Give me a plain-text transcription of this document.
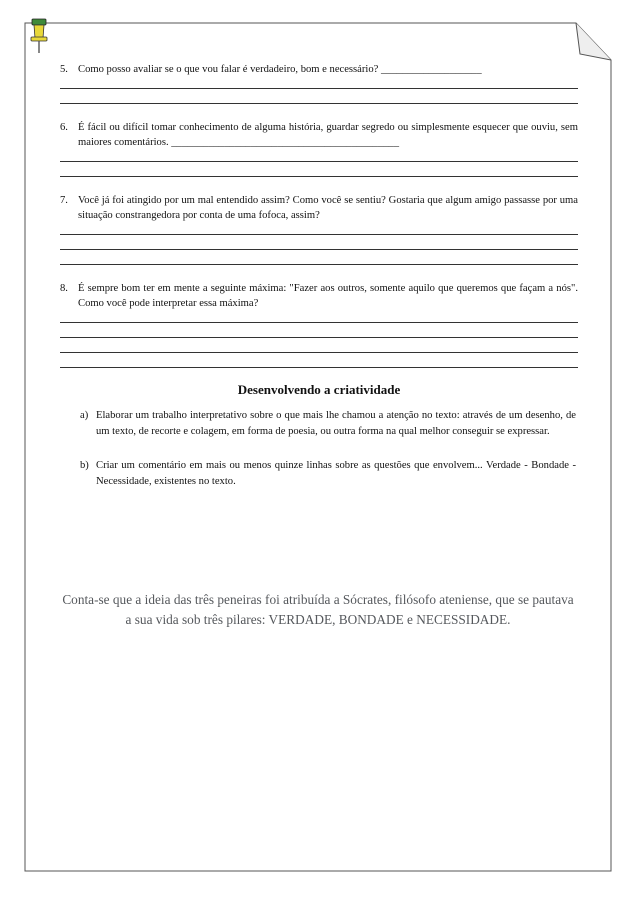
5. Como posso avaliar se o que vou falar é verdadeiro, bom e necessário? ___________________
6. É fácil ou difícil tomar conhecimento de alguma história, guardar segredo ou simplesmente esquecer que ouviu, sem maiores comentários. ___________________________________________
7. Você já foi atingido por um mal entendido assim? Como você se sentiu? Gostaria que algum amigo passasse por uma situação constrangedora por conta de uma fofoca, assim?
8. É sempre bom ter em mente a seguinte máxima: "Fazer aos outros, somente aquilo que queremos que façam a nós". Como você pode interpretar essa máxima?
Desenvolvendo a criatividade
a) Elaborar um trabalho interpretativo sobre o que mais lhe chamou a atenção no texto: através de um desenho, de um texto, de recorte e colagem, em forma de poesia, ou outra forma na qual melhor conseguir se expressar.
b) Criar um comentário em mais ou menos quinze linhas sobre as questões que envolvem... Verdade - Bondade - Necessidade, existentes no texto.
Conta-se que a ideia das três peneiras foi atribuída a Sócrates, filósofo ateniense, que se pautava a sua vida sob três pilares: VERDADE, BONDADE e NECESSIDADE.
